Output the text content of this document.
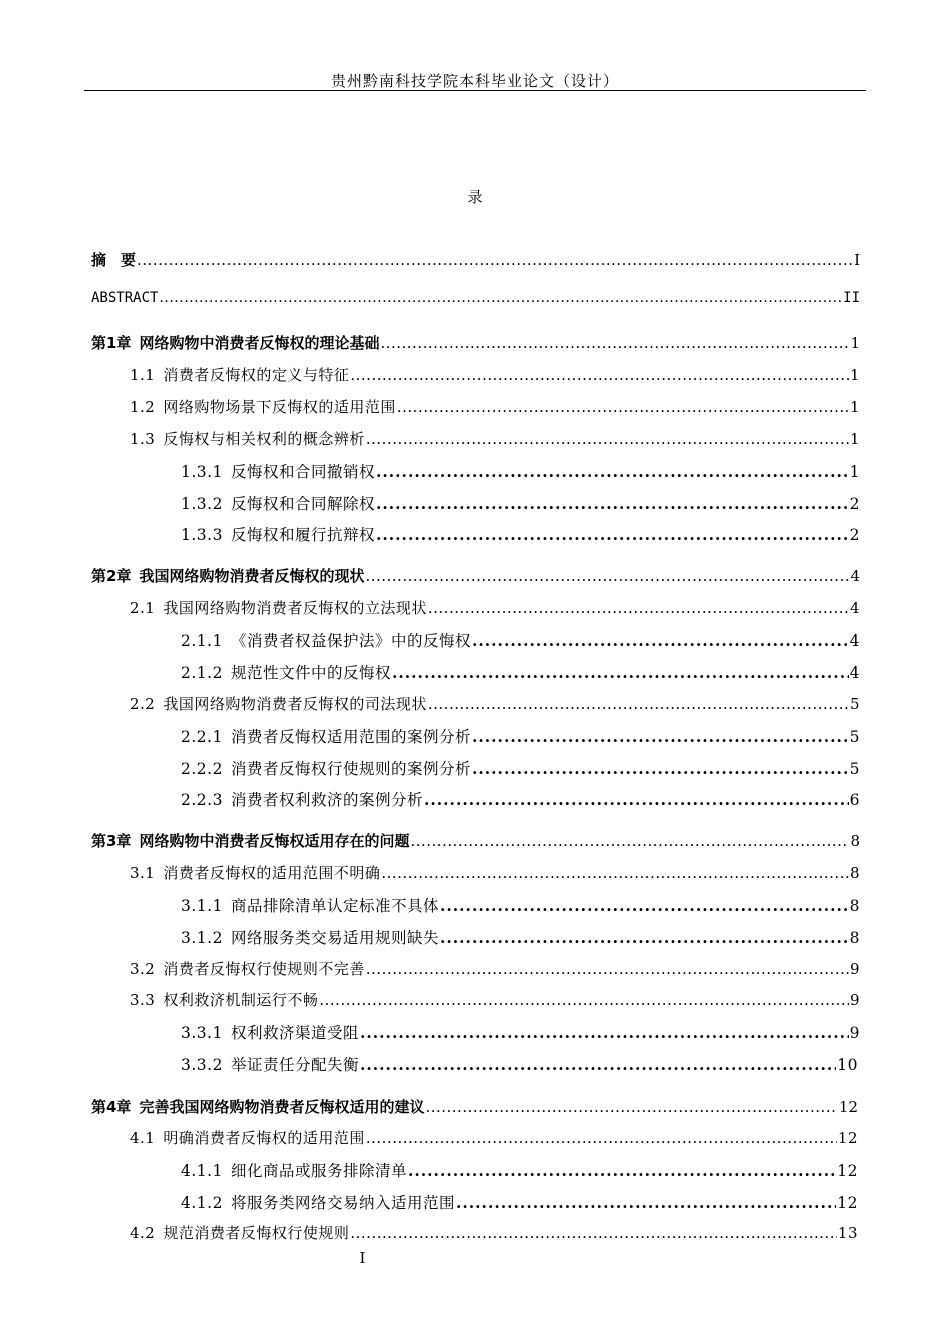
贵州黔南科技学院本科毕业论文（设计）
录
摘　要 .....	I
ABSTRACT .....	II
第1章 网络购物中消费者反悔权的理论基础 .....	1
1.1 消费者反悔权的定义与特征 .....	1
1.2 网络购物场景下反悔权的适用范围 .....	1
1.3 反悔权与相关权利的概念辨析 .....	1
1.3.1 反悔权和合同撤销权 .....	1
1.3.2 反悔权和合同解除权 .....	2
1.3.3 反悔权和履行抗辩权 .....	2
第2章 我国网络购物消费者反悔权的现状 .....	4
2.1 我国网络购物消费者反悔权的立法现状 .....	4
2.1.1 《消费者权益保护法》中的反悔权 .....	4
2.1.2 规范性文件中的反悔权 .....	4
2.2 我国网络购物消费者反悔权的司法现状 .....	5
2.2.1 消费者反悔权适用范围的案例分析 .....	5
2.2.2 消费者反悔权行使规则的案例分析 .....	5
2.2.3 消费者权利救济的案例分析 .....	6
第3章 网络购物中消费者反悔权适用存在的问题 .....	8
3.1 消费者反悔权的适用范围不明确 .....	8
3.1.1 商品排除清单认定标准不具体 .....	8
3.1.2 网络服务类交易适用规则缺失 .....	8
3.2 消费者反悔权行使规则不完善 .....	9
3.3 权利救济机制运行不畅 .....	9
3.3.1 权利救济渠道受阻 .....	9
3.3.2 举证责任分配失衡 .....	10
第4章 完善我国网络购物消费者反悔权适用的建议 .....	12
4.1 明确消费者反悔权的适用范围 .....	12
4.1.1 细化商品或服务排除清单 .....	12
4.1.2 将服务类网络交易纳入适用范围 .....	12
4.2 规范消费者反悔权行使规则 .....	13
I
